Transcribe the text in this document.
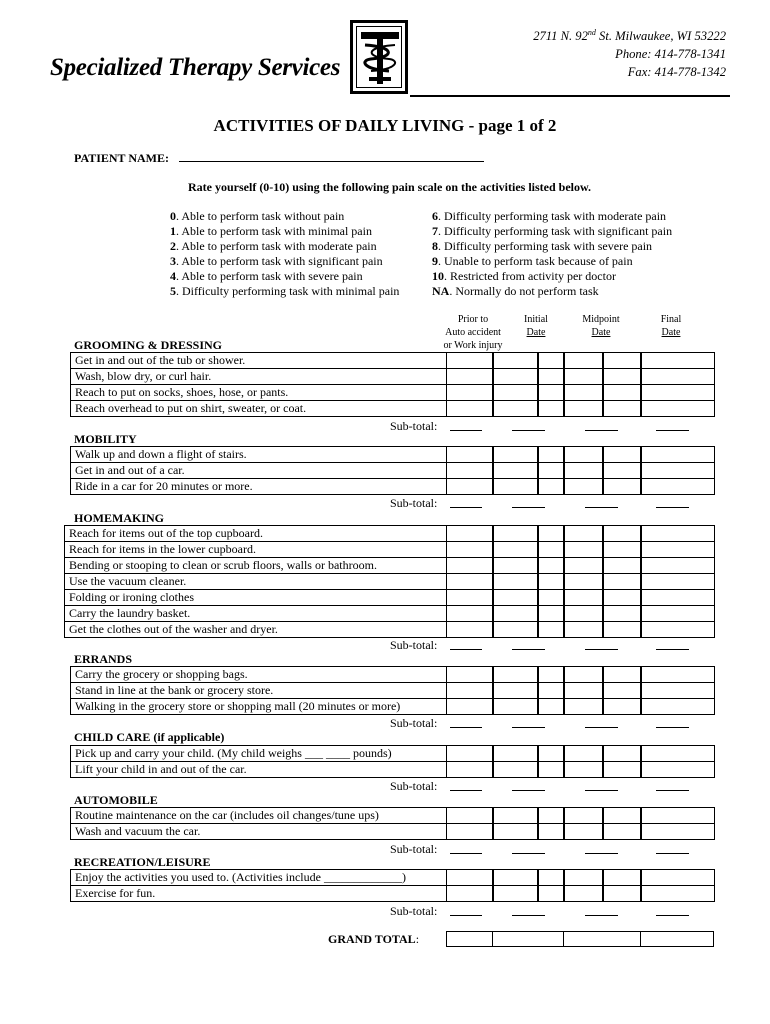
Specialized Therapy Services
2711 N. 92nd St. Milwaukee, WI 53222
Phone: 414-778-1341
Fax: 414-778-1342
ACTIVITIES OF DAILY LIVING - page 1 of 2
PATIENT NAME:
Rate yourself (0-10) using the following pain scale on the activities listed below.
0. Able to perform task without pain
1. Able to perform task with minimal pain
2. Able to perform task with moderate pain
3. Able to perform task with significant pain
4. Able to perform task with severe pain
5. Difficulty performing task with minimal pain
6. Difficulty performing task with moderate pain
7. Difficulty performing task with significant pain
8. Difficulty performing task with severe pain
9. Unable to perform task because of pain
10. Restricted from activity per doctor
NA. Normally do not perform task
Prior to
Auto accident
or Work injury
Initial
Date
Midpoint
Date
Final
Date
GROOMING & DRESSING
Get in and out of the tub or shower.
Wash, blow dry, or curl hair.
Reach to put on socks, shoes, hose, or pants.
Reach overhead to put on shirt, sweater, or coat.
Sub-total:
MOBILITY
Walk up and down a flight of stairs.
Get in and out of a car.
Ride in a car for 20 minutes or more.
Sub-total:
HOMEMAKING
Reach for items out of the top cupboard.
Reach for items in the lower cupboard.
Bending or stooping to clean or scrub floors, walls or bathroom.
Use the vacuum cleaner.
Folding or ironing clothes
Carry the laundry basket.
Get the clothes out of the washer and dryer.
Sub-total:
ERRANDS
Carry the grocery or shopping bags.
Stand in line at the bank or grocery store.
Walking in the grocery store or shopping mall (20 minutes or more)
Sub-total:
CHILD CARE (if applicable)
Pick up and carry your child. (My child weighs ___ ____ pounds)
Lift your child in and out of the car.
Sub-total:
AUTOMOBILE
Routine maintenance on the car (includes oil changes/tune ups)
Wash and vacuum the car.
Sub-total:
RECREATION/LEISURE
Enjoy the activities you used to. (Activities include _____________)
Exercise for fun.
Sub-total:
GRAND TOTAL:
